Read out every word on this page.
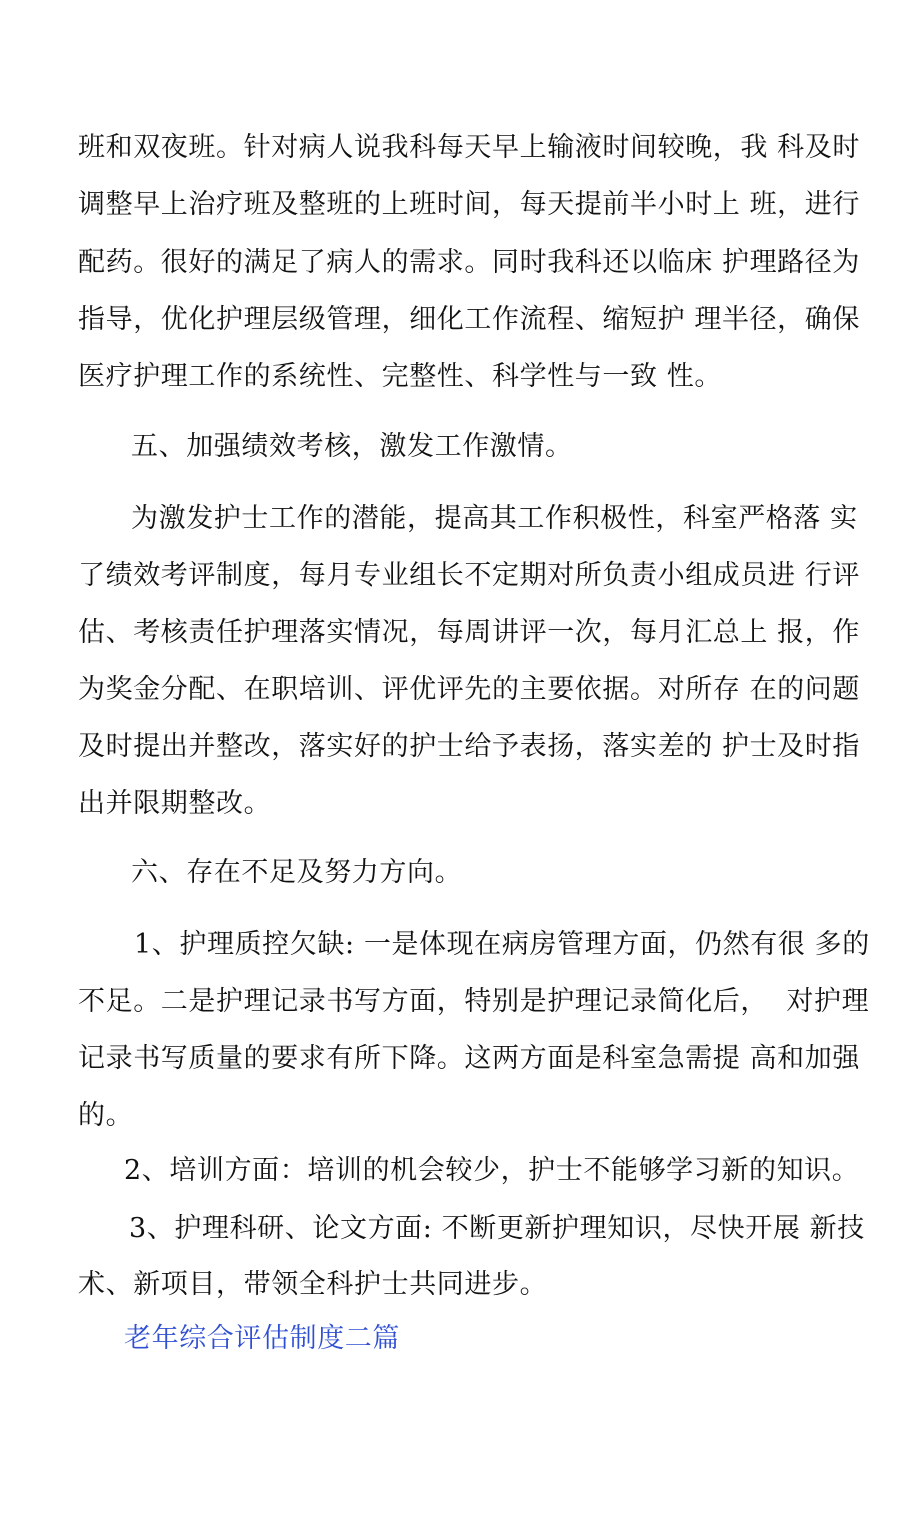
班和双夜班。针对病人说我科每天早上输液时间较晚，我 科及时
调整早上治疗班及整班的上班时间，每天提前半小时上 班，进行
配药。很好的满足了病人的需求。同时我科还以临床 护理路径为
指导，优化护理层级管理，细化工作流程、缩短护 理半径，确保
医疗护理工作的系统性、完整性、科学性与一致 性。
五、加强绩效考核，激发工作激情。
为激发护士工作的潜能，提高其工作积极性，科室严格落 实
了绩效考评制度，每月专业组长不定期对所负责小组成员进 行评
估、考核责任护理落实情况，每周讲评一次，每月汇总上 报，作
为奖金分配、在职培训、评优评先的主要依据。对所存 在的问题
及时提出并整改，落实好的护士给予表扬，落实差的 护士及时指
出并限期整改。
六、存在不足及努力方向。
1、护理质控欠缺: 一是体现在病房管理方面，仍然有很 多的
不足。二是护理记录书写方面，特别是护理记录简化后，  对护理
记录书写质量的要求有所下降。这两方面是科室急需提 高和加强
的。
2、培训方面：培训的机会较少，护士不能够学习新的知识。
3、护理科研、论文方面: 不断更新护理知识，尽快开展 新技
术、新项目，带领全科护士共同进步。
老年综合评估制度二篇
